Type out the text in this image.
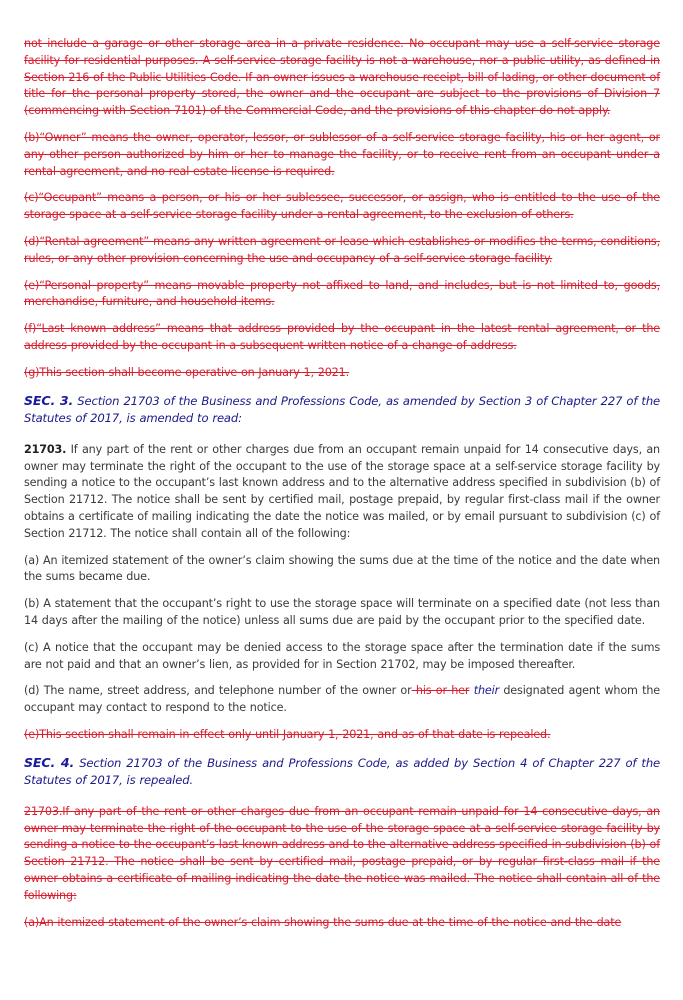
not include a garage or other storage area in a private residence. No occupant may use a self-service storage facility for residential purposes. A self-service storage facility is not a warehouse, nor a public utility, as defined in Section 216 of the Public Utilities Code. If an owner issues a warehouse receipt, bill of lading, or other document of title for the personal property stored, the owner and the occupant are subject to the provisions of Division 7 (commencing with Section 7101) of the Commercial Code, and the provisions of this chapter do not apply.

(b)“Owner” means the owner, operator, lessor, or sublessor of a self-service storage facility, his or her agent, or any other person authorized by him or her to manage the facility, or to receive rent from an occupant under a rental agreement, and no real estate license is required.

(c)“Occupant” means a person, or his or her sublessee, successor, or assign, who is entitled to the use of the storage space at a self-service storage facility under a rental agreement, to the exclusion of others.

(d)“Rental agreement” means any written agreement or lease which establishes or modifies the terms, conditions, rules, or any other provision concerning the use and occupancy of a self-service storage facility.

(e)“Personal property” means movable property not affixed to land, and includes, but is not limited to, goods, merchandise, furniture, and household items.

(f)“Last known address” means that address provided by the occupant in the latest rental agreement, or the address provided by the occupant in a subsequent written notice of a change of address.

(g)This section shall become operative on January 1, 2021.

SEC. 3. Section 21703 of the Business and Professions Code, as amended by Section 3 of Chapter 227 of the Statutes of 2017, is amended to read:

21703. If any part of the rent or other charges due from an occupant remain unpaid for 14 consecutive days, an owner may terminate the right of the occupant to the use of the storage space at a self-service storage facility by sending a notice to the occupant’s last known address and to the alternative address specified in subdivision (b) of Section 21712. The notice shall be sent by certified mail, postage prepaid, by regular first-class mail if the owner obtains a certificate of mailing indicating the date the notice was mailed, or by email pursuant to subdivision (c) of Section 21712. The notice shall contain all of the following:

(a) An itemized statement of the owner’s claim showing the sums due at the time of the notice and the date when the sums became due.

(b) A statement that the occupant’s right to use the storage space will terminate on a specified date (not less than 14 days after the mailing of the notice) unless all sums due are paid by the occupant prior to the specified date.

(c) A notice that the occupant may be denied access to the storage space after the termination date if the sums are not paid and that an owner’s lien, as provided for in Section 21702, may be imposed thereafter.

(d) The name, street address, and telephone number of the owner or his or her their designated agent whom the occupant may contact to respond to the notice.

(e)This section shall remain in effect only until January 1, 2021, and as of that date is repealed.

SEC. 4. Section 21703 of the Business and Professions Code, as added by Section 4 of Chapter 227 of the Statutes of 2017, is repealed.

21703.If any part of the rent or other charges due from an occupant remain unpaid for 14 consecutive days, an owner may terminate the right of the occupant to the use of the storage space at a self-service storage facility by sending a notice to the occupant’s last known address and to the alternative address specified in subdivision (b) of Section 21712. The notice shall be sent by certified mail, postage prepaid, or by regular first-class mail if the owner obtains a certificate of mailing indicating the date the notice was mailed. The notice shall contain all of the following:

(a)An itemized statement of the owner’s claim showing the sums due at the time of the notice and the date
